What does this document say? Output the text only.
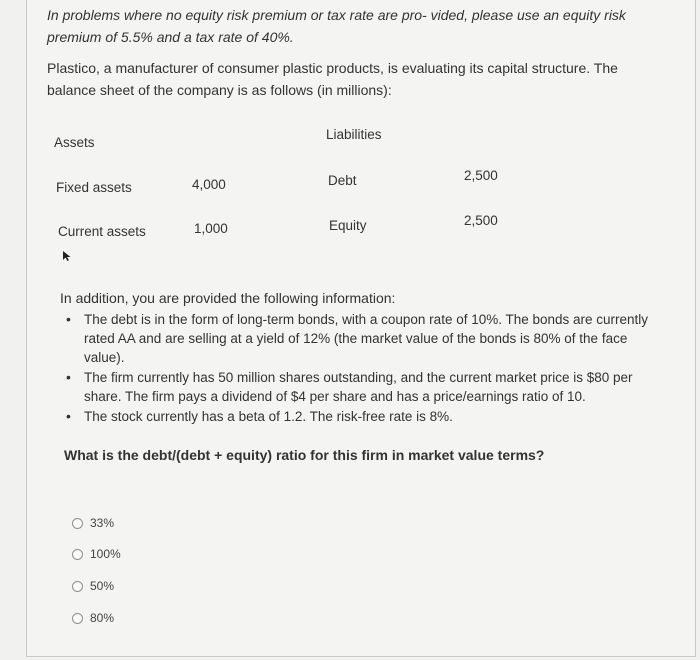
In problems where no equity risk premium or tax rate are pro- vided, please use an equity risk premium of 5.5% and a tax rate of 40%.
Plastico, a manufacturer of consumer plastic products, is evaluating its capital structure. The balance sheet of the company is as follows (in millions):
Assets
Liabilities
Fixed assets	4,000	Debt	2,500
Current assets	1,000	Equity	2,500
In addition, you are provided the following information:
• The debt is in the form of long-term bonds, with a coupon rate of 10%. The bonds are currently rated AA and are selling at a yield of 12% (the market value of the bonds is 80% of the face value).
• The firm currently has 50 million shares outstanding, and the current market price is $80 per share. The firm pays a dividend of $4 per share and has a price/earnings ratio of 10.
• The stock currently has a beta of 1.2. The risk-free rate is 8%.
What is the debt/(debt + equity) ratio for this firm in market value terms?
33%
100%
50%
80%
